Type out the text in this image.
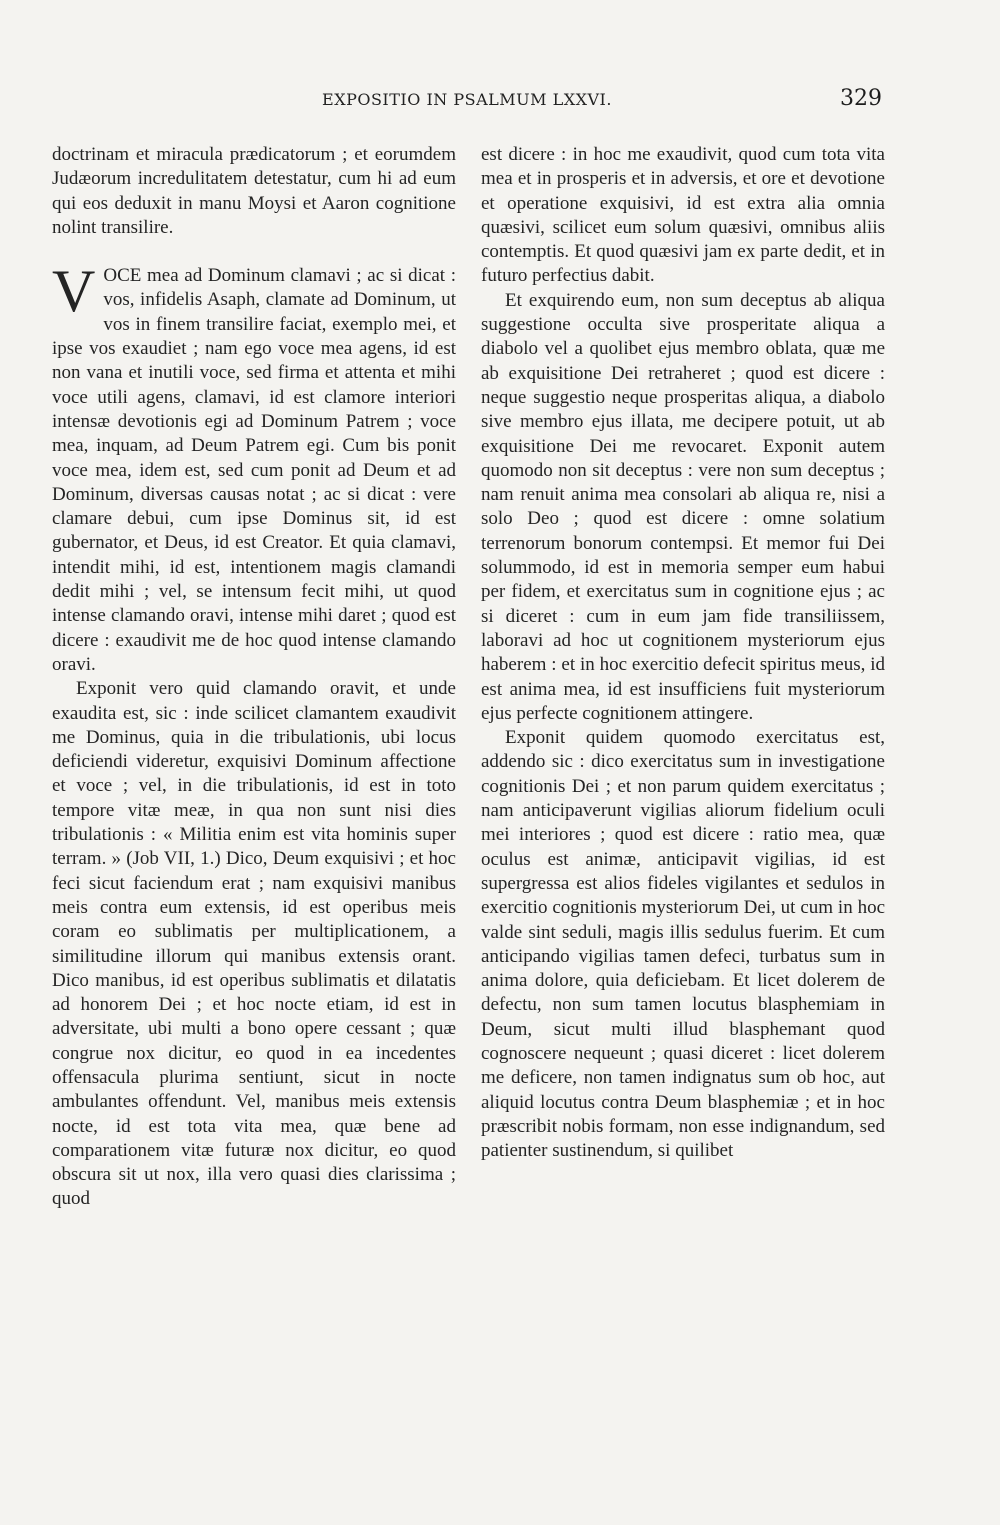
EXPOSITIO IN PSALMUM LXXVI.	329

doctrinam et miracula prædicatorum ; et eorumdem Judæorum incredulitatem detestatur, cum hi ad eum qui eos deduxit in manu Moysi et Aaron cognitione nolint transilire.

VOCE mea ad Dominum clamavi ; ac si dicat : vos, infidelis Asaph, clamate ad Dominum, ut vos in finem transilire faciat, exemplo mei, et ipse vos exaudiet ; nam ego voce mea agens, id est non vana et inutili voce, sed firma et attenta et mihi voce utili agens, clamavi, id est clamore interiori intensæ devotionis egi ad Dominum Patrem ; voce mea, inquam, ad Deum Patrem egi. Cum bis ponit voce mea, idem est, sed cum ponit ad Deum et ad Dominum, diversas causas notat ; ac si dicat : vere clamare debui, cum ipse Dominus sit, id est gubernator, et Deus, id est Creator. Et quia clamavi, intendit mihi, id est, intentionem magis clamandi dedit mihi ; vel, se intensum fecit mihi, ut quod intense clamando oravi, intense mihi daret ; quod est dicere : exaudivit me de hoc quod intense clamando oravi.

Exponit vero quid clamando oravit, et unde exaudita est, sic : inde scilicet clamantem exaudivit me Dominus, quia in die tribulationis, ubi locus deficiendi videretur, exquisivi Dominum affectione et voce ; vel, in die tribulationis, id est in toto tempore vitæ meæ, in qua non sunt nisi dies tribulationis : « Militia enim est vita hominis super terram. » (Job VII, 1.) Dico, Deum exquisivi ; et hoc feci sicut faciendum erat ; nam exquisivi manibus meis contra eum extensis, id est operibus meis coram eo sublimatis per multiplicationem, a similitudine illorum qui manibus extensis orant. Dico manibus, id est operibus sublimatis et dilatatis ad honorem Dei ; et hoc nocte etiam, id est in adversitate, ubi multi a bono opere cessant ; quæ congrue nox dicitur, eo quod in ea incedentes offensacula plurima sentiunt, sicut in nocte ambulantes offendunt. Vel, manibus meis extensis nocte, id est tota vita mea, quæ bene ad comparationem vitæ futuræ nox dicitur, eo quod obscura sit ut nox, illa vero quasi dies clarissima ; quod

est dicere : in hoc me exaudivit, quod cum tota vita mea et in prosperis et in adversis, et ore et devotione et operatione exquisivi, id est extra alia omnia quæsivi, scilicet eum solum quæsivi, omnibus aliis contemptis. Et quod quæsivi jam ex parte dedit, et in futuro perfectius dabit.

Et exquirendo eum, non sum deceptus ab aliqua suggestione occulta sive prosperitate aliqua a diabolo vel a quolibet ejus membro oblata, quæ me ab exquisitione Dei retraheret ; quod est dicere : neque suggestio neque prosperitas aliqua, a diabolo sive membro ejus illata, me decipere potuit, ut ab exquisitione Dei me revocaret. Exponit autem quomodo non sit deceptus : vere non sum deceptus ; nam renuit anima mea consolari ab aliqua re, nisi a solo Deo ; quod est dicere : omne solatium terrenorum bonorum contempsi. Et memor fui Dei solummodo, id est in memoria semper eum habui per fidem, et exercitatus sum in cognitione ejus ; ac si diceret : cum in eum jam fide transiliissem, laboravi ad hoc ut cognitionem mysteriorum ejus haberem : et in hoc exercitio defecit spiritus meus, id est anima mea, id est insufficiens fuit mysteriorum ejus perfecte cognitionem attingere.

Exponit quidem quomodo exercitatus est, addendo sic : dico exercitatus sum in investigatione cognitionis Dei ; et non parum quidem exercitatus ; nam anticipaverunt vigilias aliorum fidelium oculi mei interiores ; quod est dicere : ratio mea, quæ oculus est animæ, anticipavit vigilias, id est supergressa est alios fideles vigilantes et sedulos in exercitio cognitionis mysteriorum Dei, ut cum in hoc valde sint seduli, magis illis sedulus fuerim. Et cum anticipando vigilias tamen defeci, turbatus sum in anima dolore, quia deficiebam. Et licet dolerem de defectu, non sum tamen locutus blasphemiam in Deum, sicut multi illud blasphemant quod cognoscere nequeunt ; quasi diceret : licet dolerem me deficere, non tamen indignatus sum ob hoc, aut aliquid locutus contra Deum blasphemiæ ; et in hoc præscribit nobis formam, non esse indignandum, sed patienter sustinendum, si quilibet
